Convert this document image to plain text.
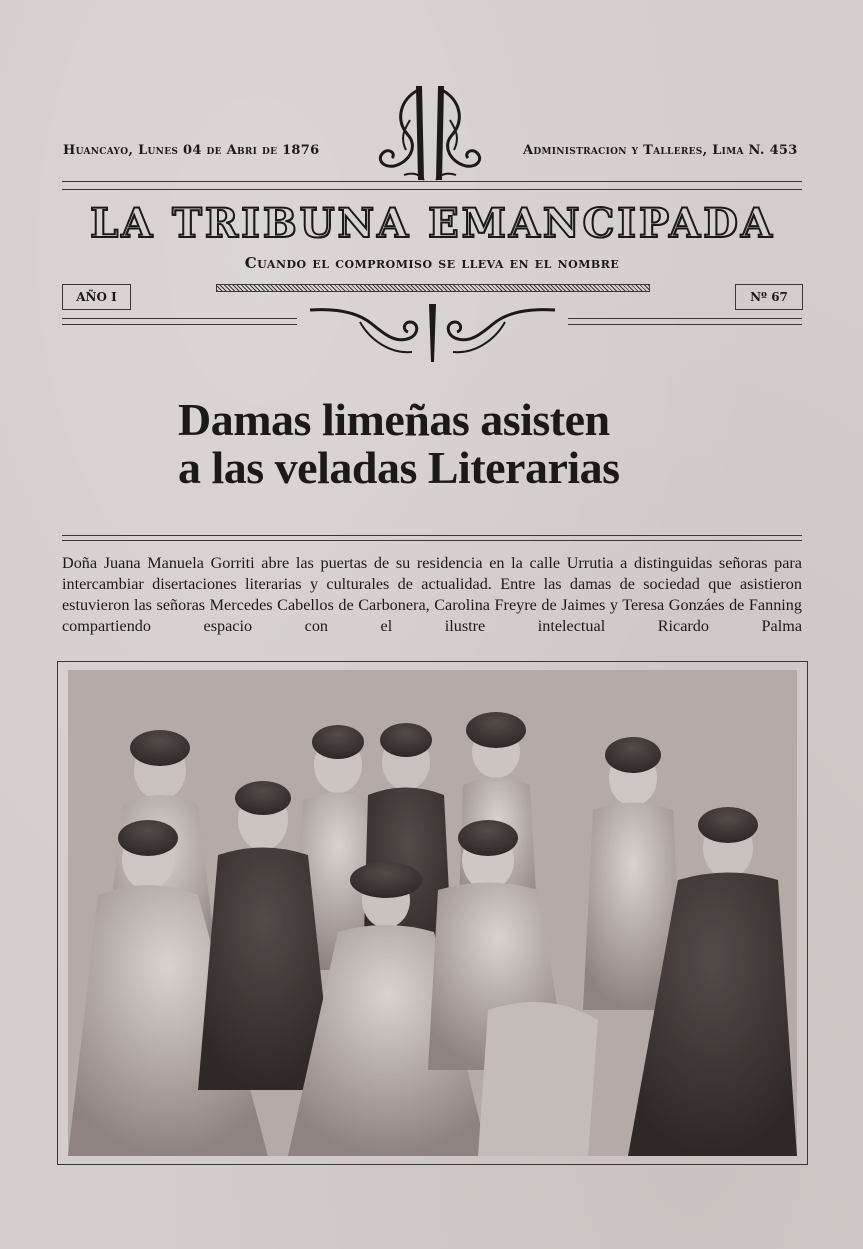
Huancayo, Lunes 04 de Abri de 1876	Administracion y Talleres, Lima N. 453
LA TRIBUNA EMANCIPADA
Cuando el compromiso se lleva en el nombre
AÑO I	Nº 67
Damas limeñas asisten
a las veladas Literarias
Doña Juana Manuela Gorriti abre las puertas de su residencia en la calle Urrutia a distinguidas señoras para intercambiar disertaciones literarias y culturales de actualidad. Entre las damas de sociedad que asistieron estuvieron las señoras Mercedes Cabellos de Carbonera, Carolina Freyre de Jaimes y Teresa Gonzáes de Fanning compartiendo espacio con el ilustre intelectual Ricardo Palma
